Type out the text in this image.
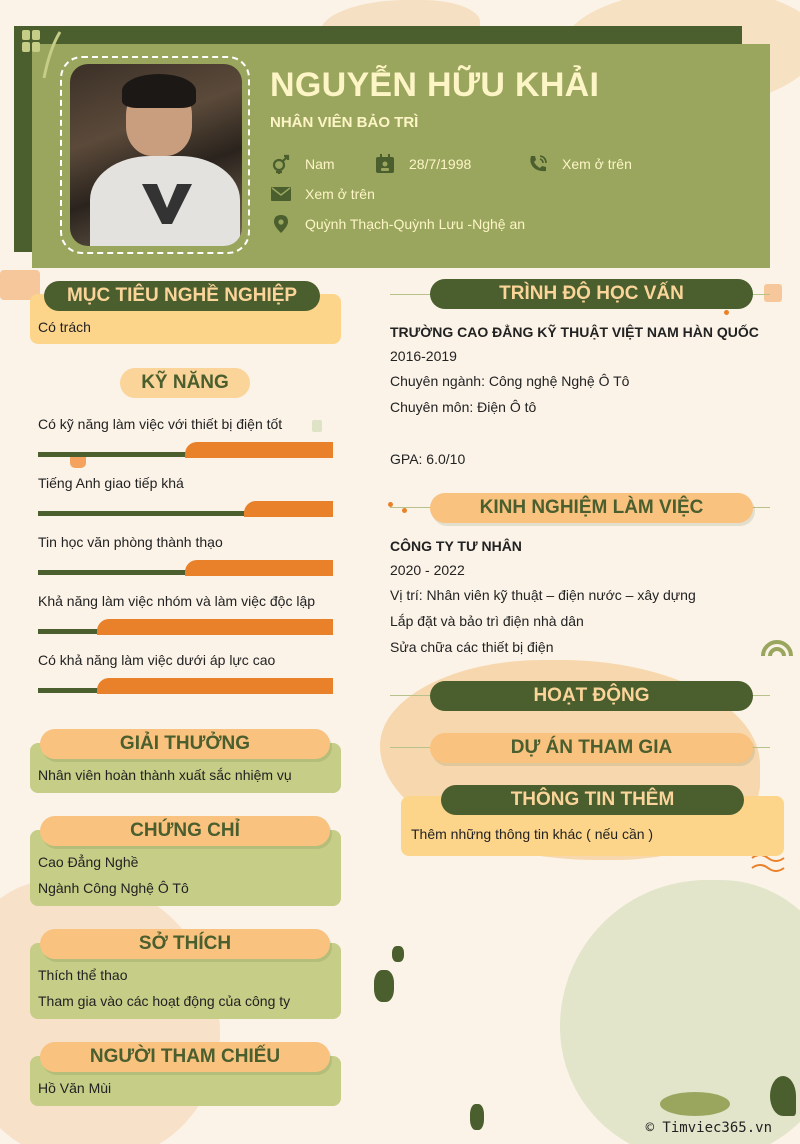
NGUYỄN HỮU KHẢI
NHÂN VIÊN BẢO TRÌ
Nam	28/7/1998	Xem ở trên
Xem ở trên
Quỳnh Thạch-Quỳnh Lưu -Nghệ an
MỤC TIÊU NGHỀ NGHIỆP
Có trách
KỸ NĂNG
Có kỹ năng làm việc với thiết bị điện tốt
Tiếng Anh giao tiếp khá
Tin học văn phòng thành thạo
Khả năng làm việc nhóm và làm việc độc lập
Có khả năng làm việc dưới áp lực cao
GIẢI THƯỞNG
Nhân viên hoàn thành xuất sắc nhiệm vụ
CHỨNG CHỈ
Cao Đẳng Nghề
Ngành Công Nghệ Ô Tô
SỞ THÍCH
Thích thể thao
Tham gia vào các hoạt động của công ty
NGƯỜI THAM CHIẾU
Hồ Văn Mùi
TRÌNH ĐỘ HỌC VẤN
TRƯỜNG CAO ĐẲNG KỸ THUẬT VIỆT NAM HÀN QUỐC
2016-2019
Chuyên ngành: Công nghệ Nghệ Ô Tô
Chuyên môn: Điện Ô tô
GPA: 6.0/10
KINH NGHIỆM LÀM VIỆC
CÔNG TY TƯ NHÂN
2020 - 2022
Vị trí: Nhân viên kỹ thuật – điện nước – xây dựng
Lắp đặt và bảo trì điện nhà dân
Sửa chữa các thiết bị điện
HOẠT ĐỘNG
DỰ ÁN THAM GIA
THÔNG TIN THÊM
Thêm những thông tin khác ( nếu cần )
© Timviec365.vn
